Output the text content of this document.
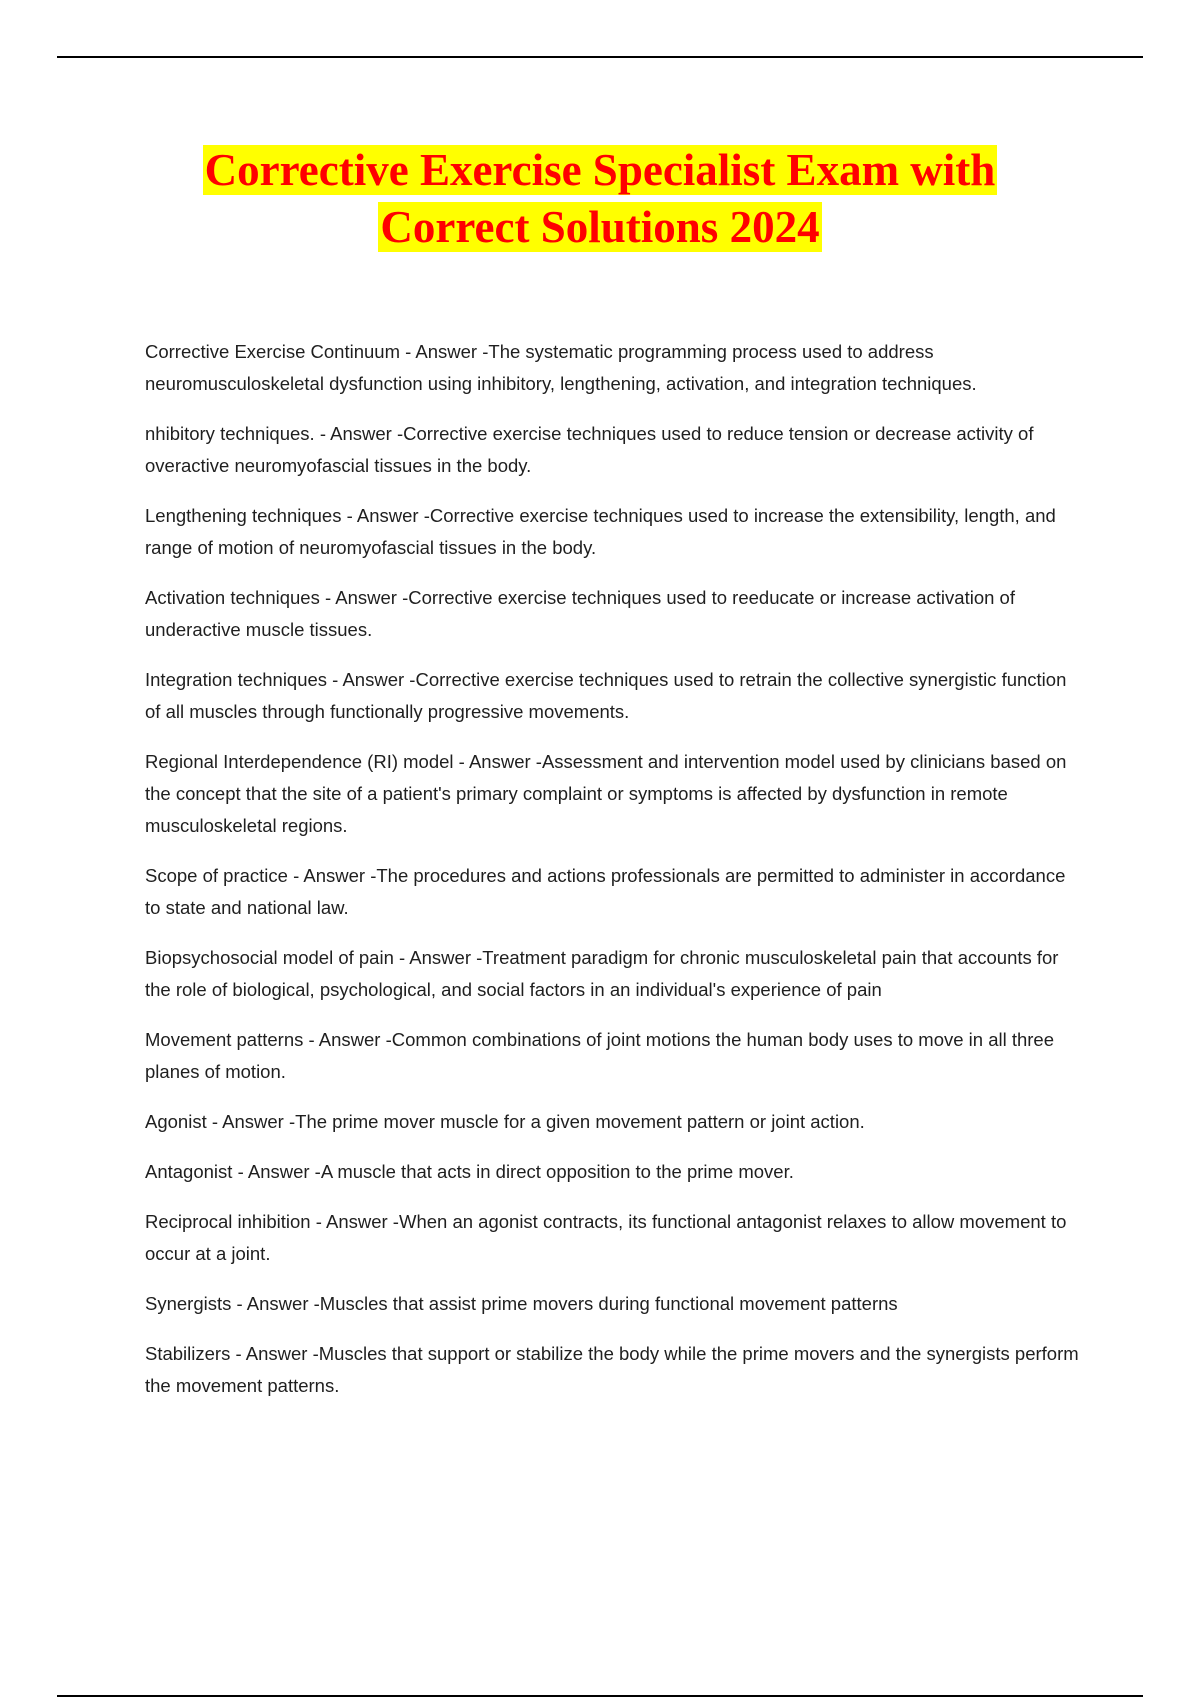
Corrective Exercise Specialist Exam with
Correct Solutions 2024

Corrective Exercise Continuum - Answer -The systematic programming process used to address neuromusculoskeletal dysfunction using inhibitory, lengthening, activation, and integration techniques.

nhibitory techniques. - Answer -Corrective exercise techniques used to reduce tension or decrease activity of overactive neuromyofascial tissues in the body.

Lengthening techniques - Answer -Corrective exercise techniques used to increase the extensibility, length, and range of motion of neuromyofascial tissues in the body.

Activation techniques - Answer -Corrective exercise techniques used to reeducate or increase activation of underactive muscle tissues.

Integration techniques - Answer -Corrective exercise techniques used to retrain the collective synergistic function of all muscles through functionally progressive movements.

Regional Interdependence (RI) model - Answer -Assessment and intervention model used by clinicians based on the concept that the site of a patient's primary complaint or symptoms is affected by dysfunction in remote musculoskeletal regions.

Scope of practice - Answer -The procedures and actions professionals are permitted to administer in accordance to state and national law.

Biopsychosocial model of pain - Answer -Treatment paradigm for chronic musculoskeletal pain that accounts for the role of biological, psychological, and social factors in an individual's experience of pain

Movement patterns - Answer -Common combinations of joint motions the human body uses to move in all three planes of motion.

Agonist - Answer -The prime mover muscle for a given movement pattern or joint action.

Antagonist - Answer -A muscle that acts in direct opposition to the prime mover.

Reciprocal inhibition - Answer -When an agonist contracts, its functional antagonist relaxes to allow movement to occur at a joint.

Synergists - Answer -Muscles that assist prime movers during functional movement patterns

Stabilizers - Answer -Muscles that support or stabilize the body while the prime movers and the synergists perform the movement patterns.
